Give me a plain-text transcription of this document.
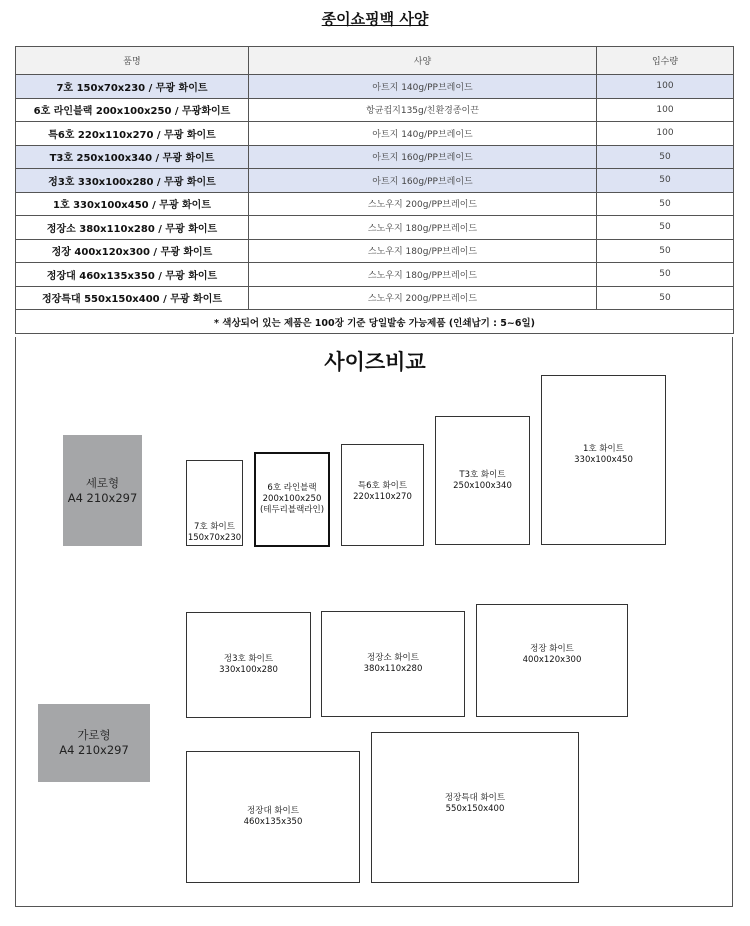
종이쇼핑백 사양
품명	사양	입수량
7호 150x70x230 / 무광 화이트	아트지 140g/PP브레이드	100
6호 라인블랙 200x100x250 / 무광화이트	항균컵지135g/친환경종이끈	100
특6호 220x110x270 / 무광 화이트	아트지 140g/PP브레이드	100
T3호 250x100x340 / 무광 화이트	아트지 160g/PP브레이드	50
정3호 330x100x280 / 무광 화이트	아트지 160g/PP브레이드	50
1호 330x100x450 / 무광 화이트	스노우지 200g/PP브레이드	50
정장소 380x110x280 / 무광 화이트	스노우지 180g/PP브레이드	50
정장 400x120x300 / 무광 화이트	스노우지 180g/PP브레이드	50
정장대 460x135x350 / 무광 화이트	스노우지 180g/PP브레이드	50
정장특대 550x150x400 / 무광 화이트	스노우지 200g/PP브레이드	50
* 색상되어 있는 제품은 100장 기준 당일발송 가능제품 (인쇄납기 : 5~6일)		
사이즈비교
세로형
A4 210x297
가로형
A4 210x297
7호 화이트
150x70x230
6호 라인블랙
200x100x250
(테두리블랙라인)
특6호 화이트
220x110x270
T3호 화이트
250x100x340
1호 화이트
330x100x450
정3호 화이트
330x100x280
정장소 화이트
380x110x280
정장 화이트
400x120x300
정장대 화이트
460x135x350
정장특대 화이트
550x150x400
